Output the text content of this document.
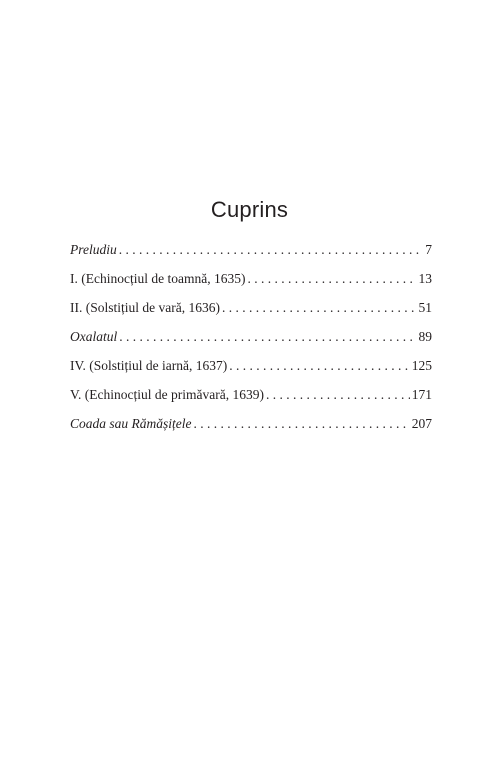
Cuprins
Preludiu . . .	7
I. (Echinocțiul de toamnă, 1635) . . .	13
II. (Solstițiul de vară, 1636) . . .	51
Oxalatul . . .	89
IV. (Solstițiul de iarnă, 1637) . . .	125
V. (Echinocțiul de primăvară, 1639) . . .	171
Coada sau Rămășițele . . .	207
